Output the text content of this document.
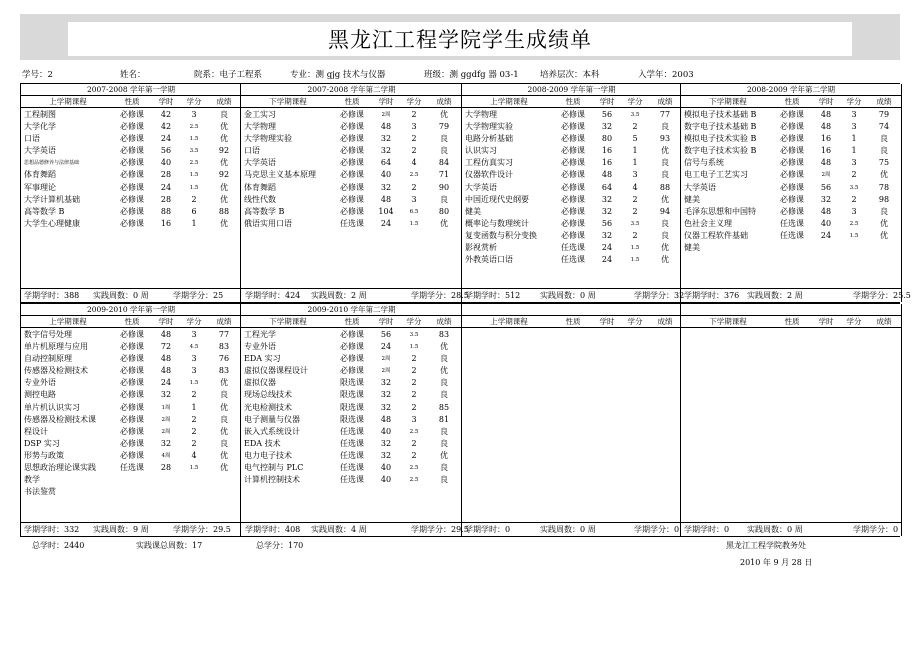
黑龙江工程学院学生成绩单
学号：2	姓名：	院系：电子工程系	专业：测 gjg 技术与仪器	班级：测 ggdfg 器 03-1	培养层次：本科	入学年：2003
2007-2008 学年第一学期
上学期课程	性质	学时	学分	成绩
工程制图	必修课	42	3	良
大学化学	必修课	42	2.5	优
口语	必修课	24	1.5	优
大学英语	必修课	56	3.5	92
思想品德修养与法律基础	必修课	40	2.5	优
体育舞蹈	必修课	28	1.5	92
军事理论	必修课	24	1.5	优
大学计算机基础	必修课	28	2	优
高等数学 B	必修课	88	6	88
大学生心理健康	必修课	16	1	优
学期学时：388 实践周数：0 周	学期学分：25
2007-2008 学年第二学期
下学期课程	性质	学时	学分	成绩
金工实习	必修课	2周	2	优
大学物理	必修课	48	3	79
大学物理实验	必修课	32	2	良
口语	必修课	32	2	良
大学英语	必修课	64	4	84
马克思主义基本原理	必修课	40	2.5	71
体育舞蹈	必修课	32	2	90
线性代数	必修课	48	3	良
高等数学 B	必修课	104	6.5	80
俄语实用口语	任选课	24	1.5	优
学期学时：424 实践周数：2 周	学期学分：28.5
2008-2009 学年第一学期
上学期课程	性质	学时	学分	成绩
大学物理	必修课	56	3.5	77
大学物理实验	必修课	32	2	良
电路分析基础	必修课	80	5	93
认识实习	必修课	16	1	优
工程仿真实习	必修课	16	1	良
仪器软件设计	必修课	48	3	良
大学英语	必修课	64	4	88
中国近现代史纲要	必修课	32	2	优
健美	必修课	32	2	94
概率论与数理统计	必修课	56	3.5	良
复变函数与积分变换	必修课	32	2	良
影视赏析	任选课	24	1.5	优
外教英语口语	任选课	24	1.5	优
学期学时：512 实践周数：0 周	学期学分：32
2008-2009 学年第二学期
下学期课程	性质	学时	学分	成绩
模拟电子技术基础 B	必修课	48	3	79
数字电子技术基础 B	必修课	48	3	74
模拟电子技术实验 B	必修课	16	1	良
数字电子技术实验 B	必修课	16	1	良
信号与系统	必修课	48	3	75
电工电子工艺实习	必修课	2周	2	优
大学英语	必修课	56	3.5	78
健美	必修课	32	2	98
毛泽东思想和中国特	必修课	48	3	良
色社会主义理	任选课	40	2.5	优
仪器工程软件基础	任选课	24	1.5	优
健美
学期学时：376 实践周数：2 周	学期学分：25.5
2009-2010 学年第一学期
上学期课程	性质	学时	学分	成绩
数字信号处理	必修课	48	3	77
单片机原理与应用	必修课	72	4.5	83
自动控制原理	必修课	48	3	76
传感器及检测技术	必修课	48	3	83
专业外语	必修课	24	1.5	优
测控电路	必修课	32	2	良
单片机认识实习	必修课	1周	1	优
传感器及检测技术课	必修课	2周	2	良
程设计	必修课	2周	2	优
DSP 实习	必修课	32	2	良
形势与政策	必修课	4周	4	优
思想政治理论课实践	任选课	28	1.5	优
教学
书法鉴赏
学期学时：332 实践周数：9 周	学期学分：29.5
2009-2010 学年第二学期
下学期课程	性质	学时	学分	成绩
工程光学	必修课	56	3.5	83
专业外语	必修课	24	1.5	优
EDA 实习	必修课	2周	2	良
虚拟仪器课程设计	必修课	2周	2	优
虚拟仪器	限选课	32	2	良
现场总线技术	限选课	32	2	良
光电检测技术	限选课	32	2	85
电子测量与仪器	限选课	48	3	81
嵌入式系统设计	任选课	40	2.5	良
EDA 技术	任选课	32	2	良
电力电子技术	任选课	32	2	优
电气控制与 PLC	任选课	40	2.5	良
计算机控制技术	任选课	40	2.5	良
学期学时：408 实践周数：4 周	学期学分：29.5
上学期课程	性质	学时	学分	成绩
学期学时：0	实践周数：0 周	学期学分：0
下学期课程	性质	学时	学分	成绩
学期学时：0 实践周数：0 周	学期学分：0
总学时：2440	实践课总周数：17	总学分：170	黑龙江工程学院教务处
2010 年 9 月 28 日
